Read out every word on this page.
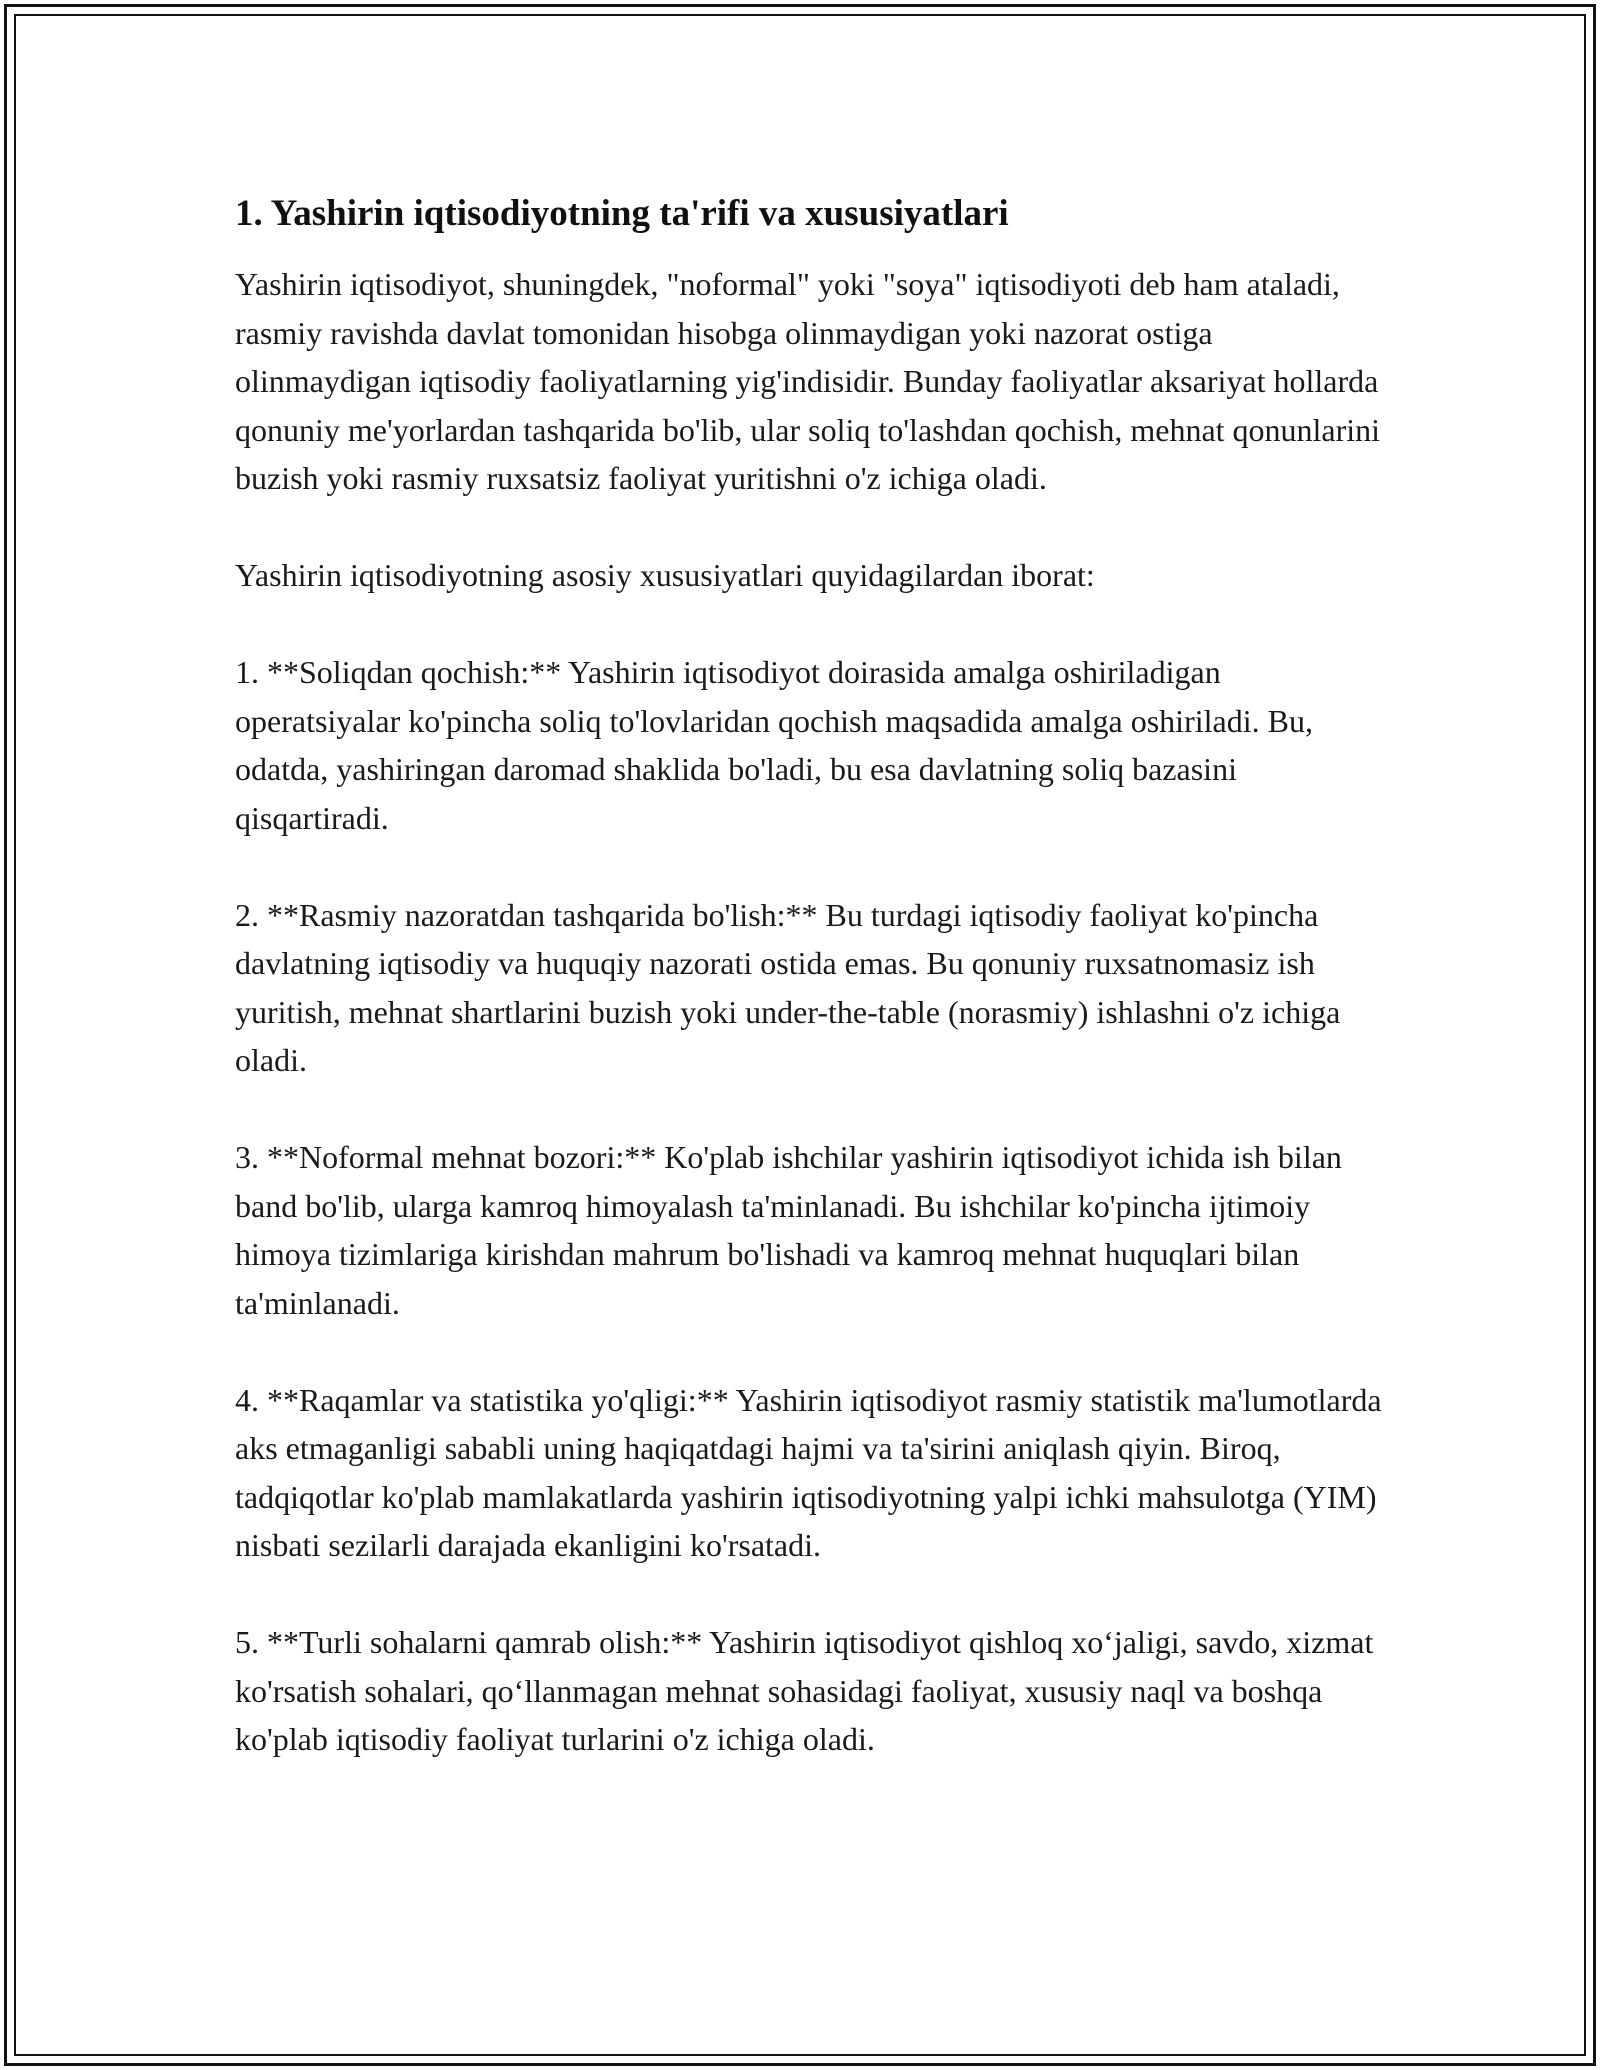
1. Yashirin iqtisodiyotning ta'rifi va xususiyatlari

Yashirin iqtisodiyot, shuningdek, "noformal" yoki "soya" iqtisodiyoti deb ham ataladi, rasmiy ravishda davlat tomonidan hisobga olinmaydigan yoki nazorat ostiga olinmaydigan iqtisodiy faoliyatlarning yig'indisidir. Bunday faoliyatlar aksariyat hollarda qonuniy me'yorlardan tashqarida bo'lib, ular soliq to'lashdan qochish, mehnat qonunlarini buzish yoki rasmiy ruxsatsiz faoliyat yuritishni o'z ichiga oladi.

Yashirin iqtisodiyotning asosiy xususiyatlari quyidagilardan iborat:

1. **Soliqdan qochish:** Yashirin iqtisodiyot doirasida amalga oshiriladigan operatsiyalar ko'pincha soliq to'lovlaridan qochish maqsadida amalga oshiriladi. Bu, odatda, yashiringan daromad shaklida bo'ladi, bu esa davlatning soliq bazasini qisqartiradi.

2. **Rasmiy nazoratdan tashqarida bo'lish:** Bu turdagi iqtisodiy faoliyat ko'pincha davlatning iqtisodiy va huquqiy nazorati ostida emas. Bu qonuniy ruxsatnomasiz ish yuritish, mehnat shartlarini buzish yoki under-the-table (norasmiy) ishlashni o'z ichiga oladi.

3. **Noformal mehnat bozori:** Ko'plab ishchilar yashirin iqtisodiyot ichida ish bilan band bo'lib, ularga kamroq himoyalash ta'minlanadi. Bu ishchilar ko'pincha ijtimoiy himoya tizimlariga kirishdan mahrum bo'lishadi va kamroq mehnat huquqlari bilan ta'minlanadi.

4. **Raqamlar va statistika yo'qligi:** Yashirin iqtisodiyot rasmiy statistik ma'lumotlarda aks etmaganligi sababli uning haqiqatdagi hajmi va ta'sirini aniqlash qiyin. Biroq, tadqiqotlar ko'plab mamlakatlarda yashirin iqtisodiyotning yalpi ichki mahsulotga (YIM) nisbati sezilarli darajada ekanligini ko'rsatadi.

5. **Turli sohalarni qamrab olish:** Yashirin iqtisodiyot qishloq xo‘jaligi, savdo, xizmat ko'rsatish sohalari, qo‘llanmagan mehnat sohasidagi faoliyat, xususiy naql va boshqa ko'plab iqtisodiy faoliyat turlarini o'z ichiga oladi.
